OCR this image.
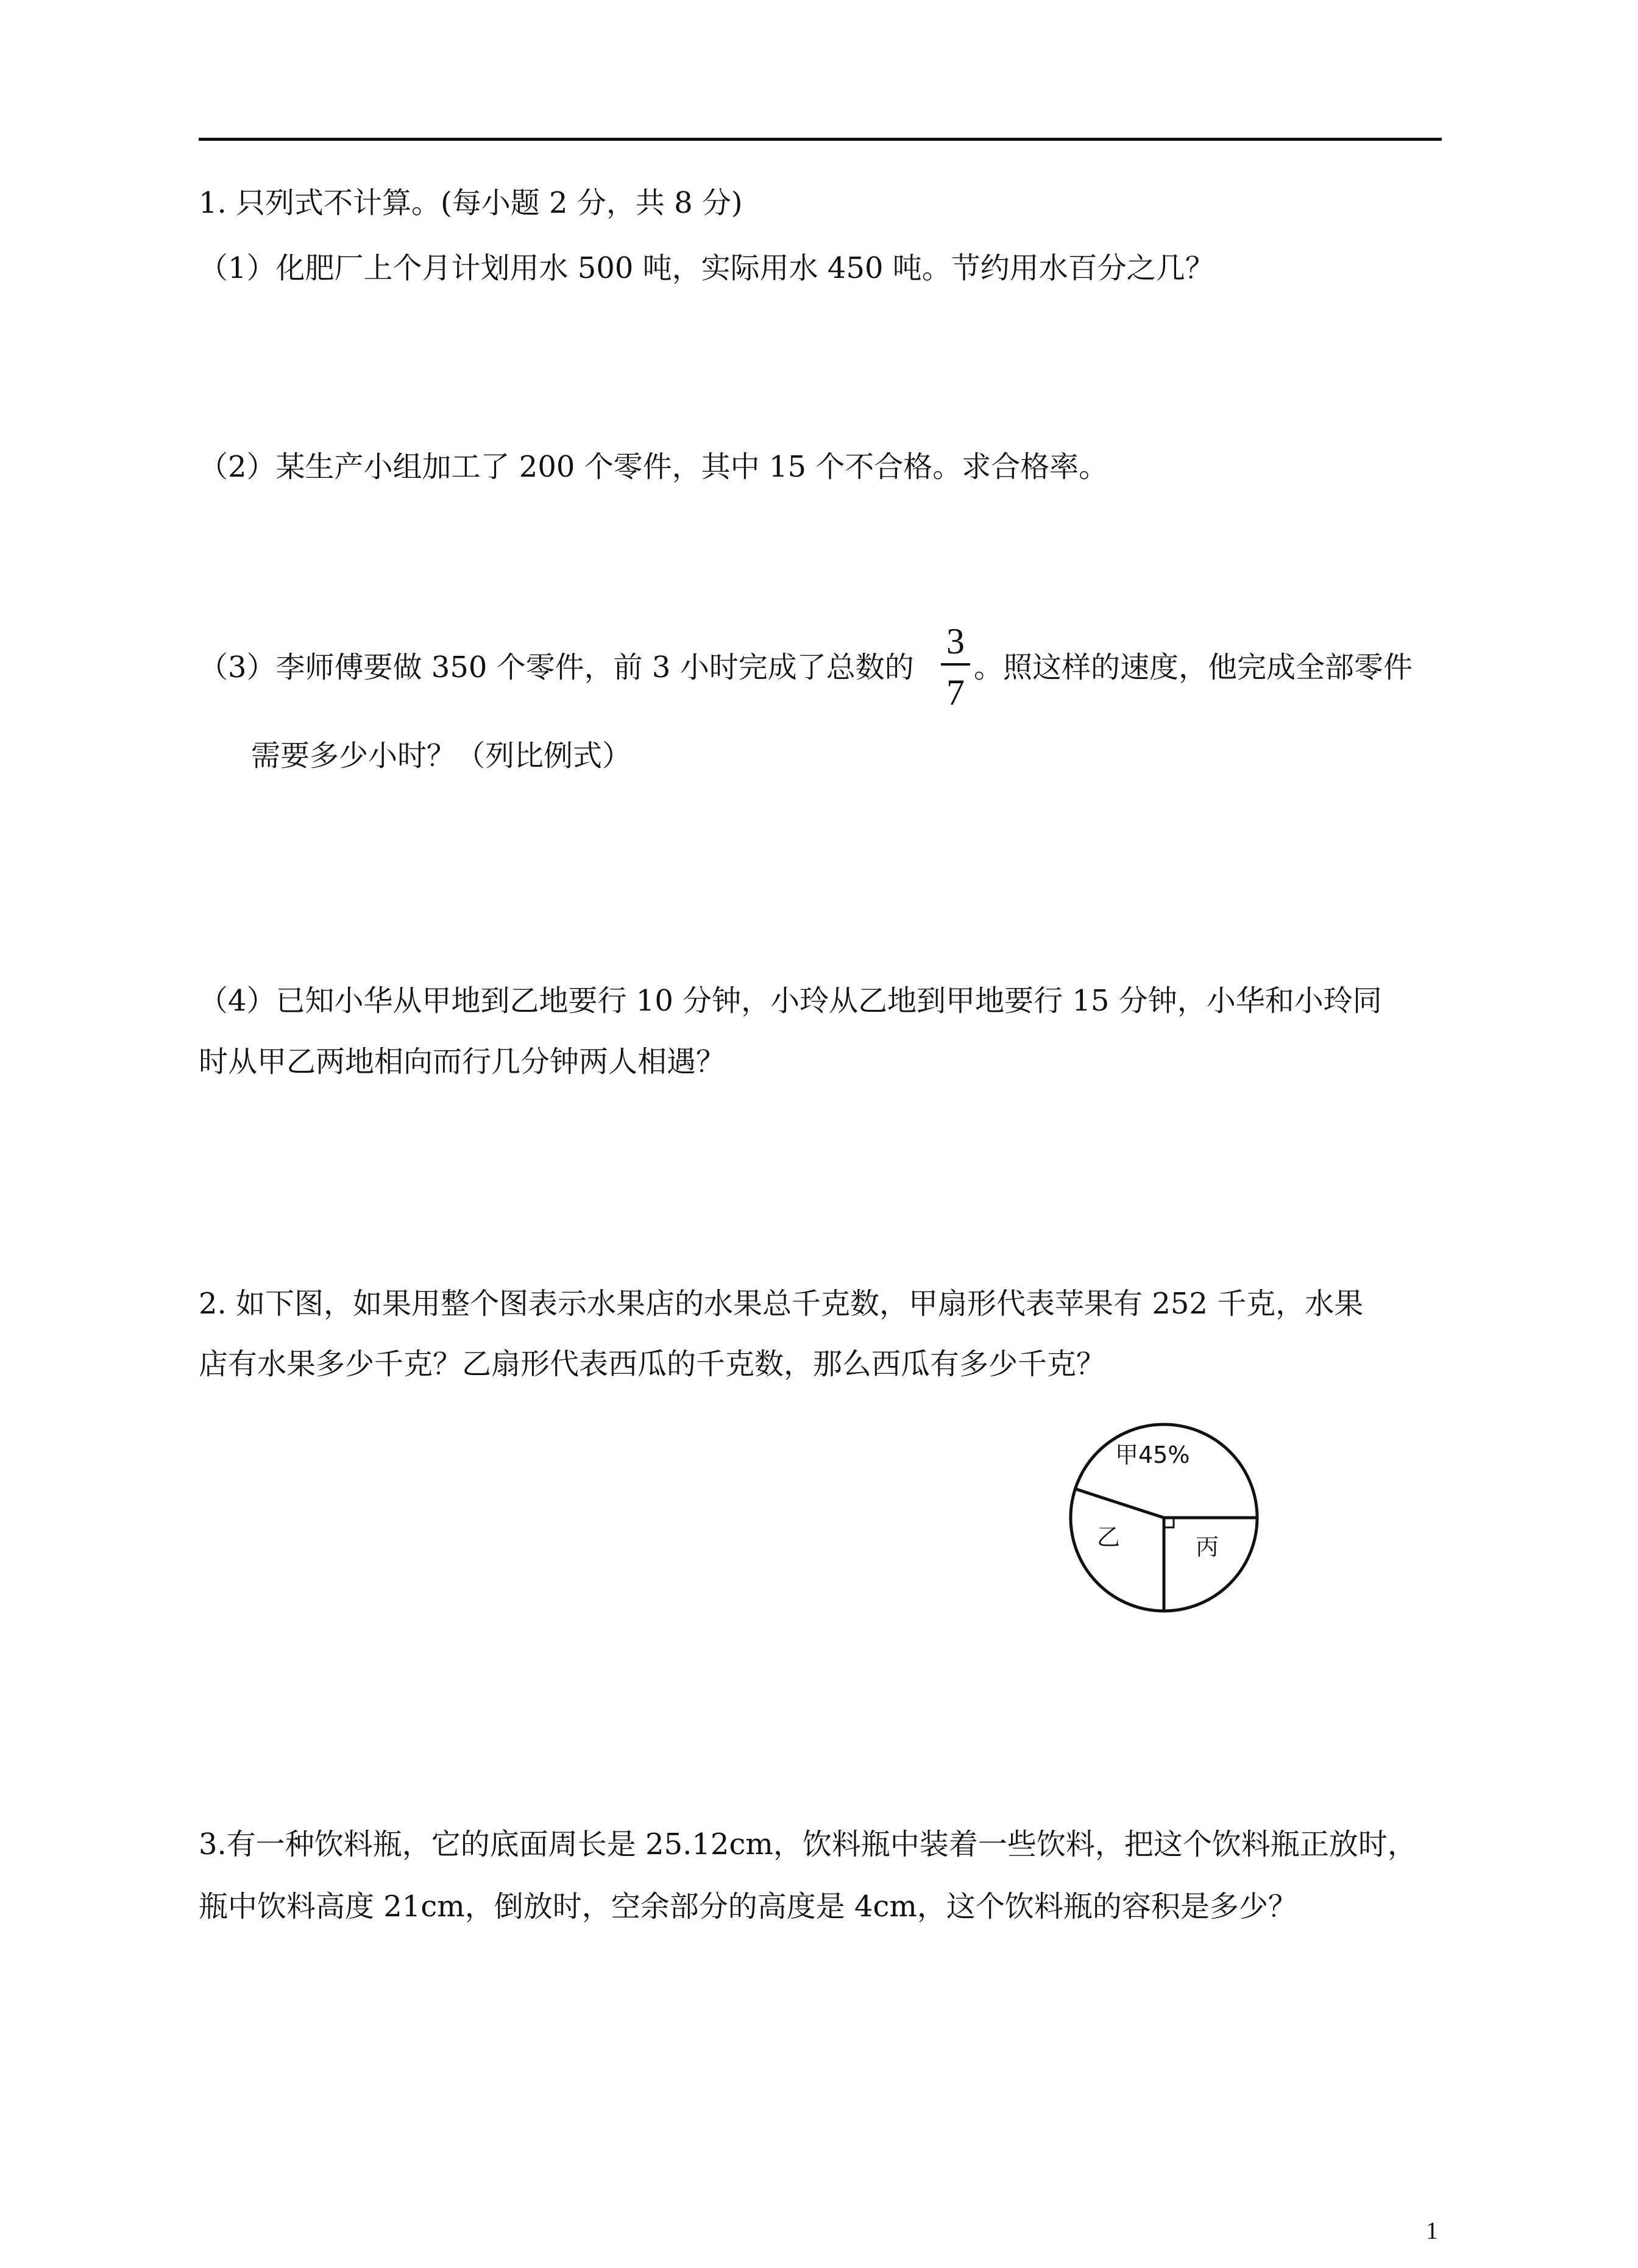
1. 只列式不计算。(每小题 2 分，共 8 分)
（1）化肥厂上个月计划用水 500 吨，实际用水 450 吨。节约用水百分之几？
（2）某生产小组加工了 200 个零件，其中 15 个不合格。求合格率。
（3）李师傅要做 350 个零件，前 3 小时完成了总数的
3
7
。照这样的速度，他完成全部零件
需要多少小时？（列比例式）
（4）已知小华从甲地到乙地要行 10 分钟，小玲从乙地到甲地要行 15 分钟，小华和小玲同
时从甲乙两地相向而行几分钟两人相遇？
2. 如下图，如果用整个图表示水果店的水果总千克数，甲扇形代表苹果有 252 千克，水果
店有水果多少千克？乙扇形代表西瓜的千克数，那么西瓜有多少千克？
甲45%
乙	丙
3.有一种饮料瓶，它的底面周长是 25.12cm，饮料瓶中装着一些饮料，把这个饮料瓶正放时，
瓶中饮料高度 21cm，倒放时，空余部分的高度是 4cm，这个饮料瓶的容积是多少？
1
